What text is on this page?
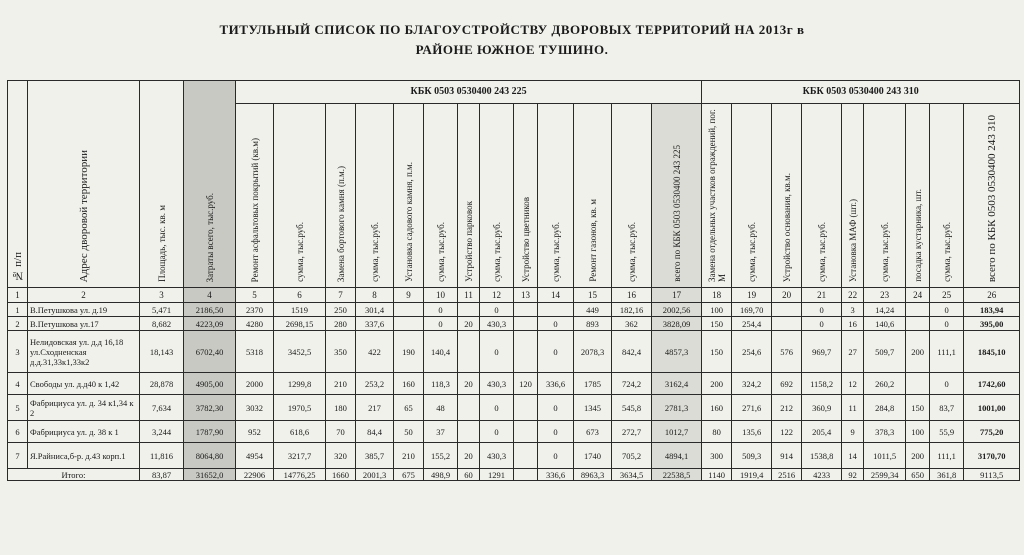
ТИТУЛЬНЫЙ СПИСОК ПО БЛАГОУСТРОЙСТВУ ДВОРОВЫХ ТЕРРИТОРИЙ НА 2013г в
РАЙОНЕ ЮЖНОЕ ТУШИНО.
№ п/п	Адрес дворовой территории	Площадь, тыс. кв. м	Затраты всего, тыс.руб.	КБК 0503 0530400 243 225													КБК 0503 0530400 243 310								
				Ремонт асфальтовых покрытий (кв.м)	сумма, тыс.руб.	Замена бортового камня (п.м.)	сумма, тыс.руб.	Установка садового камня, п.м.	сумма, тыс.руб.	Устройство парковок	сумма, тыс.руб.	Устройство цветников	сумма, тыс.руб.	Ремонт газонов, кв. м	сумма, тыс.руб.	всего по КБК 0503 0530400 243 225	Замена отдельных участков ограждений, пог. М	сумма, тыс.руб.	Устройство основания, кв.м.	сумма, тыс.руб.	Установка МАФ (шт.)	сумма, тыс.руб.	посадка кустарника, шт.	сумма, тыс.руб.	всего по КБК 0503 0530400 243 310
1	2	3	4	5	6	7	8	9	10	11	12	13	14	15	16	17	18	19	20	21	22	23	24	25	26
1	В.Петушкова ул. д.19	5,471	2186,50	2370	1519	250	301,4		0		0			449	182,16	2002,56	100	169,70		0	3	14,24		0	183,94
2	В.Петушкова ул.17	8,682	4223,09	4280	2698,15	280	337,6		0	20	430,3		0	893	362	3828,09	150	254,4		0	16	140,6		0	395,00
3	Нелидовская ул. д.д 16,18 ул.Сходненская д.д.31,33к1,33к2	18,143	6702,40	5318	3452,5	350	422	190	140,4		0		0	2078,3	842,4	4857,3	150	254,6	576	969,7	27	509,7	200	111,1	1845,10
4	Свободы ул. д.д40 к 1,42	28,878	4905,00	2000	1299,8	210	253,2	160	118,3	20	430,3	120	336,6	1785	724,2	3162,4	200	324,2	692	1158,2	12	260,2		0	1742,60
5	Фабрициуса ул. д. 34 к1,34 к 2	7,634	3782,30	3032	1970,5	180	217	65	48		0		0	1345	545,8	2781,3	160	271,6	212	360,9	11	284,8	150	83,7	1001,00
6	Фабрициуса ул. д. 38 к 1	3,244	1787,90	952	618,6	70	84,4	50	37		0		0	673	272,7	1012,7	80	135,6	122	205,4	9	378,3	100	55,9	775,20
7	Я.Райниса,б-р. д.43 корп.1	11,816	8064,80	4954	3217,7	320	385,7	210	155,2	20	430,3		0	1740	705,2	4894,1	300	509,3	914	1538,8	14	1011,5	200	111,1	3170,70
Итого:		83,87	31652,0	22906	14776,25	1660	2001,3	675	498,9	60	1291		336,6	8963,3	3634,5	22538,5	1140	1919,4	2516	4233	92	2599,34	650	361,8	9113,5
